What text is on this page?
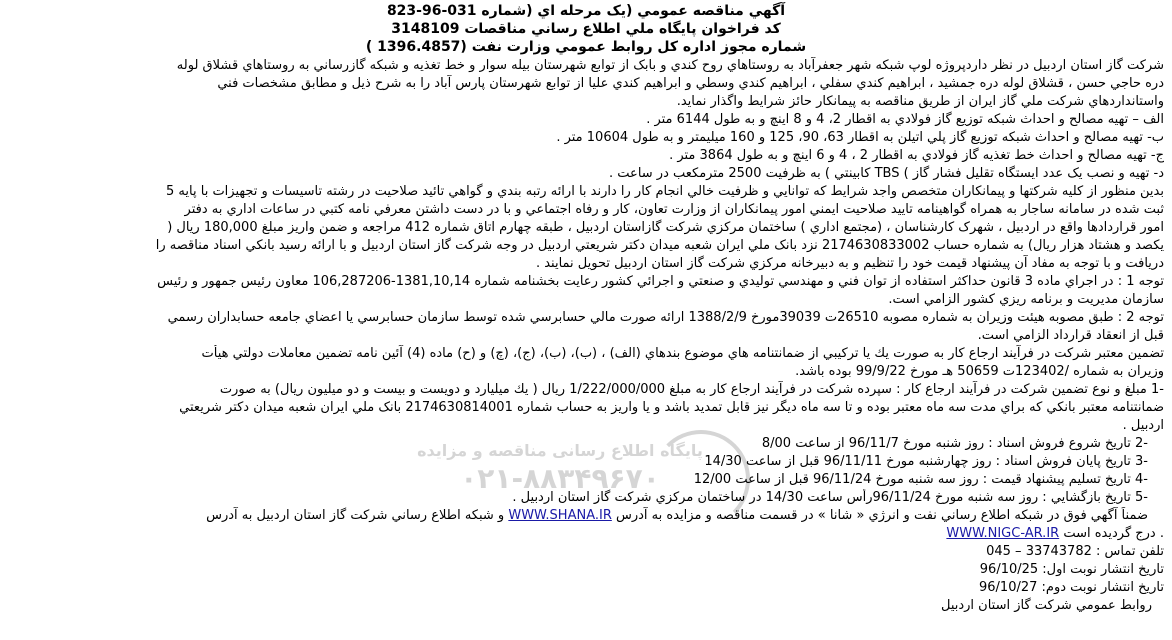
آگهي مناقصه عمومي (يک مرحله اي (شماره 031-96-823
کد فراخوان پايگاه ملي اطلاع رساني مناقصات 3148109
شماره مجوز اداره کل روابط عمومي وزارت نفت (1396.4857 )
شرکت گاز استان اردبيل در نظر داردپروژه لوپ شبکه شهر جعفرآباد به روستاهاي روح کندي و بابک از توابع شهرستان بيله سوار و خط تغذيه و شبکه گازرساني به روستاهاي قشلاق لوله
دره حاجي حسن ، قشلاق لوله دره جمشيد ، ابراهيم کندي سفلي ، ابراهيم کندي وسطي و ابراهيم کندي عليا از توابع شهرستان پارس آباد را به شرح ذيل و مطابق مشخصات فني
واستانداردهاي شرکت ملي گاز ايران از طريق مناقصه به پيمانکار حائز شرايط واگذار نمايد.
الف – تهيه مصالح و احداث شبکه توزيع گاز فولادي به اقطار 2، 4 و 8 اينچ و به طول 6144 متر .
ب- تهيه مصالح و احداث شبکه توزيع گاز پلي اتيلن به اقطار 63، 90، 125 و 160 ميليمتر و به طول 10604 متر .
ج- تهيه مصالح و احداث خط تغذيه گاز فولادي به اقطار 2 ، 4 و 6 اينچ و به طول 3864 متر .
د- تهيه و نصب يک عدد ايستگاه تقليل فشار گاز ) TBS کابينتي ) به ظرفيت 2500 مترمکعب در ساعت .
بدين منظور از کليه شرکتها و پيمانکاران متخصص واجد شرايط که توانايي و ظرفيت خالي انجام کار را دارند با ارائه رتبه بندي و گواهي تائيد صلاحيت در رشته تاسيسات و تجهيزات با پايه 5
ثبت شده در سامانه ساجار به همراه گواهينامه تاييد صلاحيت ايمني امور پيمانکاران از وزارت تعاون، کار و رفاه اجتماعي و با در دست داشتن معرفي نامه کتبي در ساعات اداري به دفتر
امور قراردادها واقع در اردبيل ، شهرک کارشناسان ، (مجتمع اداري ) ساختمان مرکزي شرکت گازاستان اردبيل ، طبقه چهارم اتاق شماره 412 مراجعه و ضمن واريز مبلغ 180,000 ريال (
يکصد و هشتاد هزار ريال) به شماره حساب 2174630833002 نزد بانک ملي ايران شعبه ميدان دکتر شريعتي اردبيل در وجه شرکت گاز استان اردبيل و با ارائه رسيد بانکي اسناد مناقصه را
دريافت و با توجه به مفاد آن پيشنهاد قيمت خود را تنظيم و به دبيرخانه مرکزي شرکت گاز استان اردبيل تحويل نمايند .
توجه 1 : در اجراي ماده 3 قانون حداکثر استفاده از توان فني و مهندسي توليدي و صنعتي و اجرائي کشور رعايت بخشنامه شماره 1381,10,14-106,287206 معاون رئيس جمهور و رئيس
سازمان مديريت و برنامه ريزي کشور الزامي است.
توجه 2 : طبق مصوبه هيئت وزيران به شماره مصوبه 26510ت 39039مورخ 1388/2/9 ارائه صورت مالي حسابرسي شده توسط سازمان حسابرسي يا اعضاي جامعه حسابداران رسمي
قبل از انعقاد قرارداد الزامي است.
تضمين معتبر شرکت در فرآيند ارجاع کار به صورت يك يا تركيبي از ضمانتنامه هاي موضوع بندهاي (الف) ، (ب)، (ب)، (ج)، (چ) و (ح) ماده (4) آئين نامه تضمين معاملات دولتي هيأت
وزيران به شماره /123402ت 50659 هـ مورخ 99/9/22 بوده باشد.
-1 مبلغ و نوع تضمين شرکت در فرآيند ارجاع کار : سپرده شرکت در فرآيند ارجاع کار به مبلغ 1/222/000/000 ريال ( يك ميليارد و دويست و بيست و دو ميليون ريال) به صورت
ضمانتنامه معتبر بانکي که براي مدت سه ماه معتبر بوده و تا سه ماه ديگر نيز قابل تمديد باشد و يا واريز به حساب شماره 2174630814001 بانک ملي ايران شعبه ميدان دکتر شريعتي
اردبيل .
-2 تاريخ شروع فروش اسناد : روز شنبه مورخ 96/11/7 از ساعت 8/00
-3 تاريخ پايان فروش اسناد : روز چهارشنبه مورخ 96/11/11 قبل از ساعت 14/30
-4 تاريخ تسليم پيشنهاد قيمت : روز سه شنبه مورخ 96/11/24 قبل از ساعت 12/00
-5 تاريخ بازگشايي : روز سه شنبه مورخ 96/11/24رأس ساعت 14/30 در ساختمان مرکزي شرکت گاز استان اردبيل .
ضمناً آگهي فوق در شبکه اطلاع رساني نفت و انرژي « شانا » در قسمت مناقصه و مزايده به آدرس WWW.SHANA.IR و شبکه اطلاع رساني شرکت گاز استان اردبيل به آدرس
WWW.NIGC-AR.IR درج گرديده است .
تلفن تماس : 33743782 – 045
تاريخ انتشار نوبت اول: 96/10/25
تاريخ انتشار نوبت دوم: 96/10/27
روابط عمومي شركت گاز استان اردبيل
پایگاه اطلاع رسانی مناقصه و مزایده
۰۲۱-۸۸۳۴۹۶۷۰
